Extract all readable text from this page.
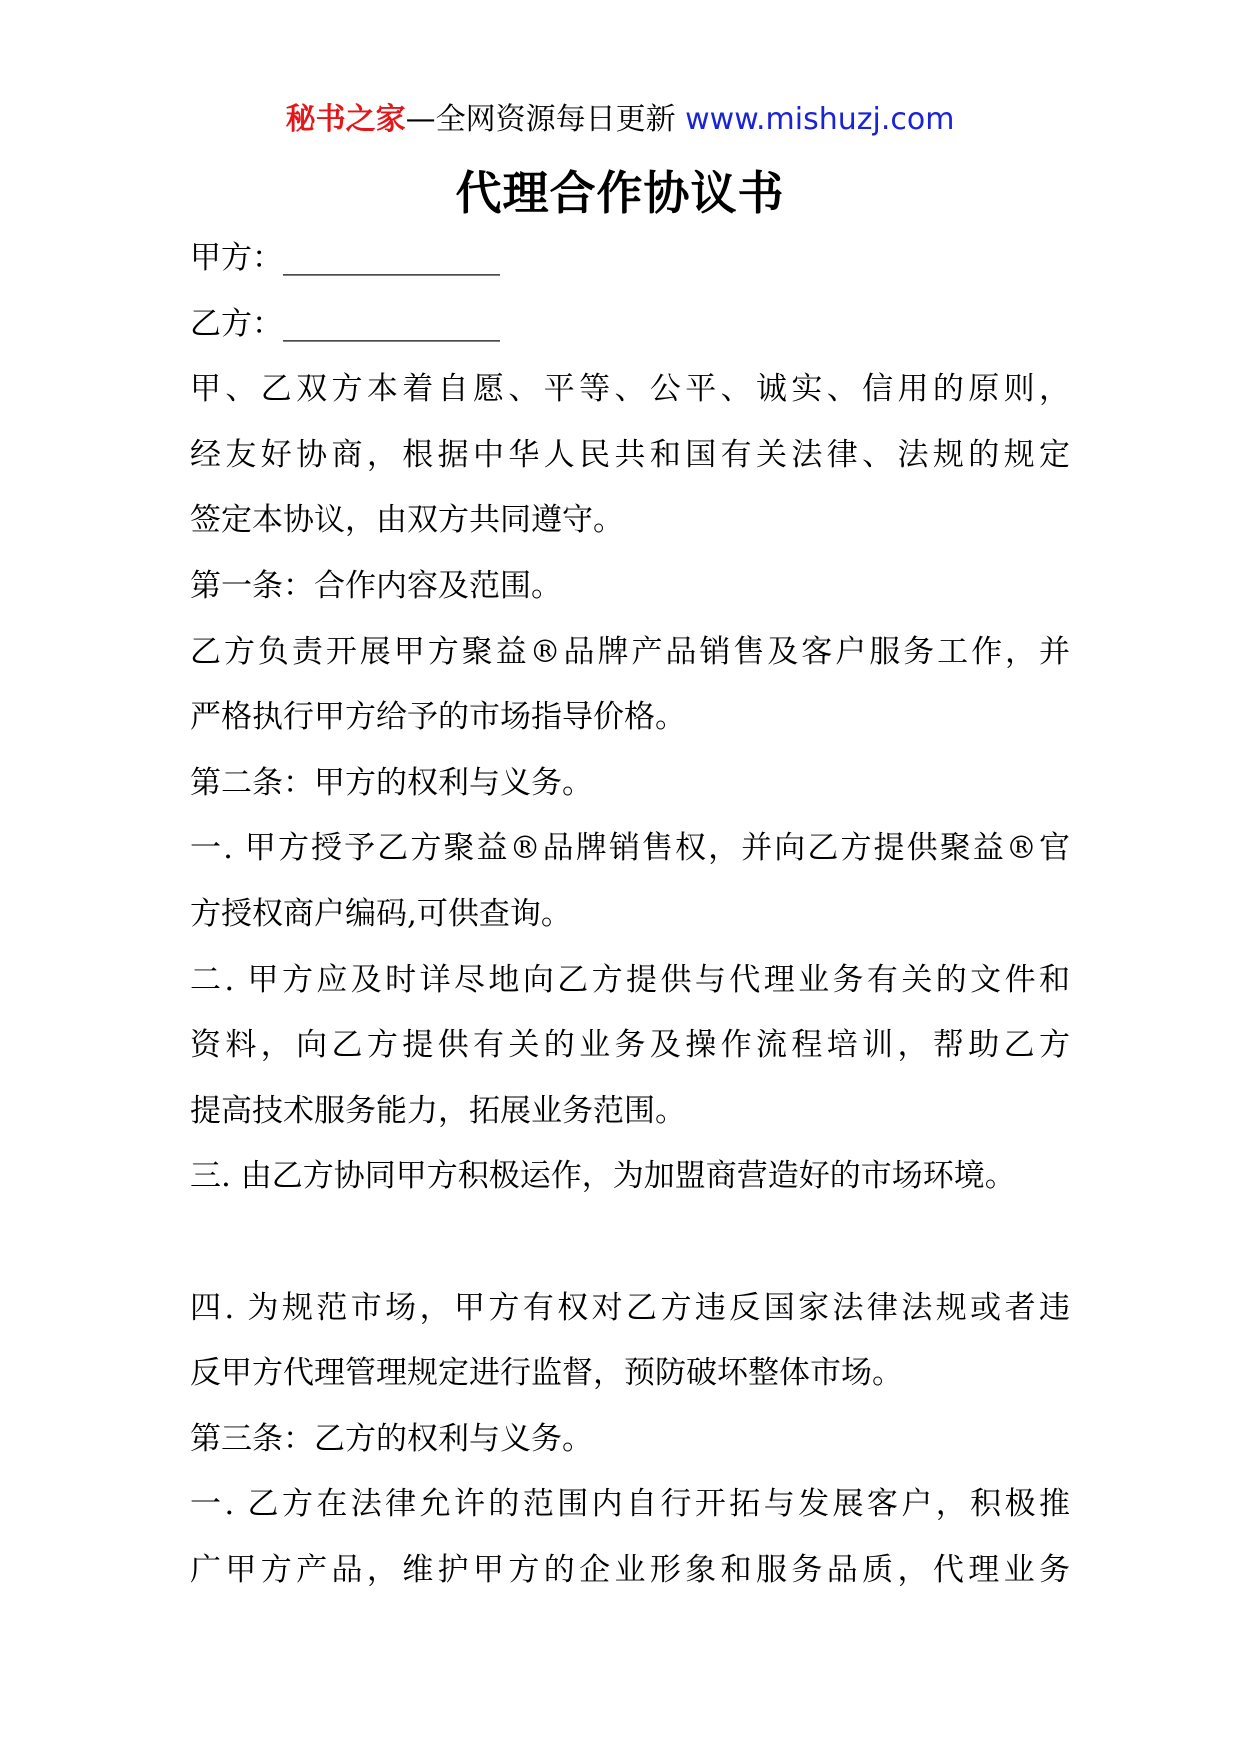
秘书之家—全网资源每日更新 www.mishuzj.com
代理合作协议书
甲方：______________
乙方：______________
甲、乙双方本着自愿、平等、公平、诚实、信用的原则，
经友好协商，根据中华人民共和国有关法律、法规的规定
签定本协议，由双方共同遵守。
第一条：合作内容及范围。
乙方负责开展甲方聚益®品牌产品销售及客户服务工作，并
严格执行甲方给予的市场指导价格。
第二条：甲方的权利与义务。
一. 甲方授予乙方聚益®品牌销售权，并向乙方提供聚益®官
方授权商户编码,可供查询。
二. 甲方应及时详尽地向乙方提供与代理业务有关的文件和
资料，向乙方提供有关的业务及操作流程培训，帮助乙方
提高技术服务能力，拓展业务范围。
三. 由乙方协同甲方积极运作，为加盟商营造好的市场环境。
四. 为规范市场，甲方有权对乙方违反国家法律法规或者违
反甲方代理管理规定进行监督，预防破坏整体市场。
第三条：乙方的权利与义务。
一. 乙方在法律允许的范围内自行开拓与发展客户，积极推
广甲方产品，维护甲方的企业形象和服务品质，代理业务
